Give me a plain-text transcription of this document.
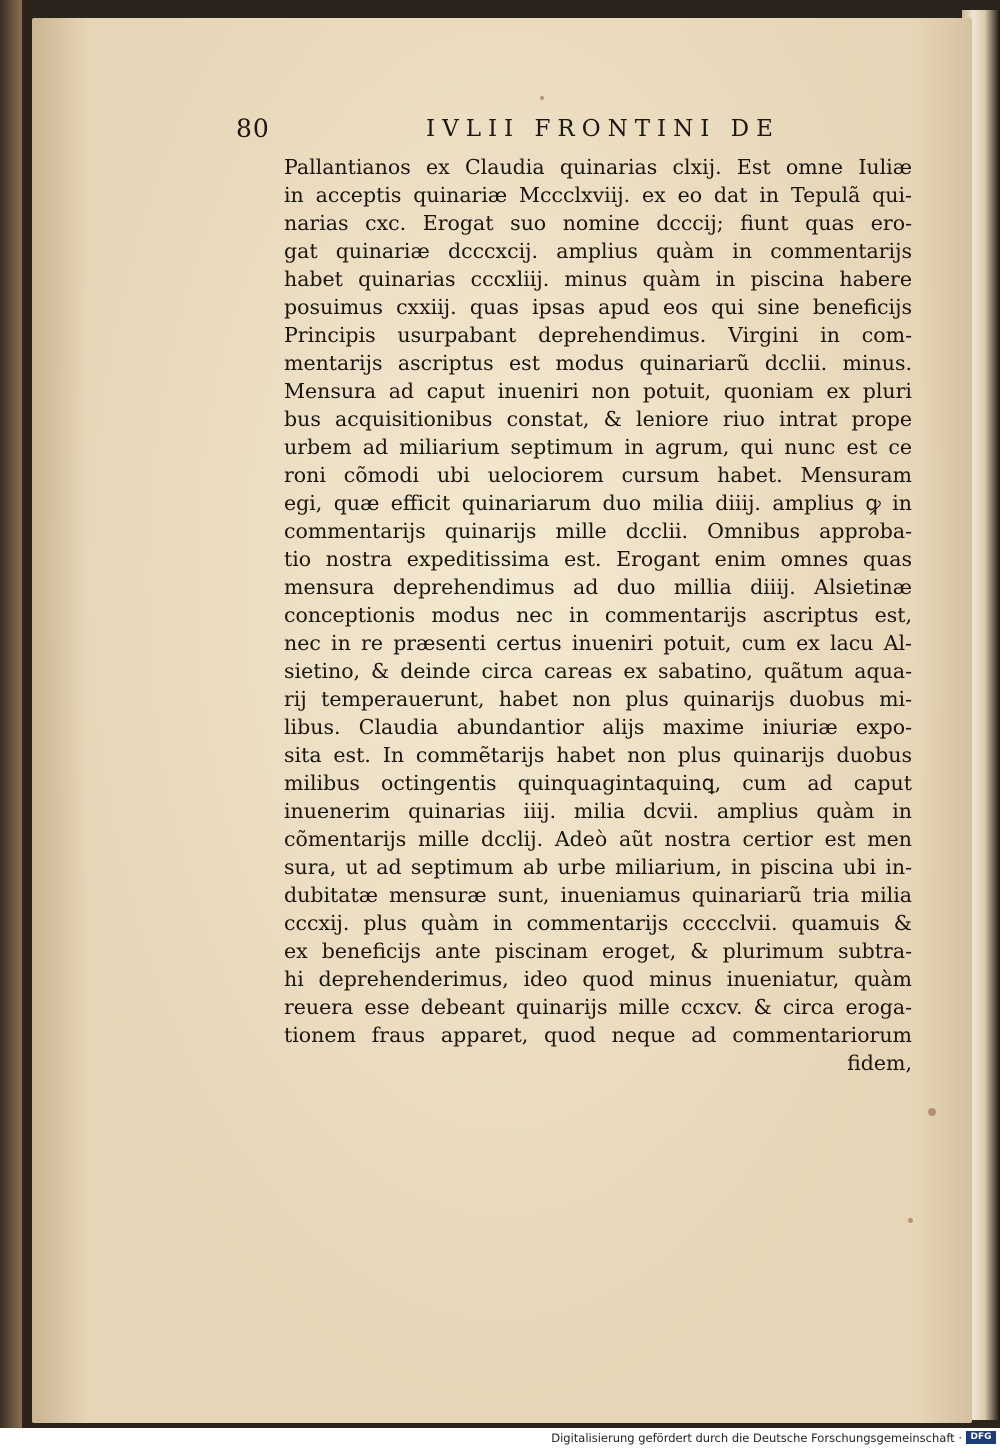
80	IVLII FRONTINI DE
Pallantianos ex Claudia quinarias clxij. Est omne Iuliæ
in acceptis quinariæ Mccclxviij. ex eo dat in Tepulã qui-
narias cxc. Erogat suo nomine dcccij; fiunt quas ero-
gat quinariæ dcccxcij. amplius quàm in commentarijs
habet quinarias cccxliij. minus quàm in piscina habere
posuimus cxxiij. quas ipsas apud eos qui sine beneficijs
Principis usurpabant deprehendimus. Virgini in com-
mentarijs ascriptus est modus quinariarũ dcclii. minus.
Mensura ad caput inueniri non potuit, quoniam ex pluri
bus acquisitionibus constat, & leniore riuo intrat prope
urbem ad miliarium septimum in agrum, qui nunc est ce
roni cõmodi ubi uelociorem cursum habet. Mensuram
egi, quæ efficit quinariarum duo milia diiij. amplius ꝙ in
commentarijs quinarijs mille dcclii. Omnibus approba-
tio nostra expeditissima est. Erogant enim omnes quas
mensura deprehendimus ad duo millia diiij. Alsietinæ
conceptionis modus nec in commentarijs ascriptus est,
nec in re præsenti certus inueniri potuit, cum ex lacu Al-
sietino, & deinde circa careas ex sabatino, quãtum aqua-
rij temperauerunt, habet non plus quinarijs duobus mi-
libus. Claudia abundantior alijs maxime iniuriæ expo-
sita est. In commẽtarijs habet non plus quinarijs duobus
milibus octingentis quinquagintaquinꝗ, cum ad caput
inuenerim quinarias iiij. milia dcvii. amplius quàm in
cõmentarijs mille dcclij. Adeò aũt nostra certior est men
sura, ut ad septimum ab urbe miliarium, in piscina ubi in-
dubitatæ mensuræ sunt, inueniamus quinariarũ tria milia
cccxij. plus quàm in commentarijs ccccclvii. quamuis &
ex beneficijs ante piscinam eroget, & plurimum subtra-
hi deprehenderimus, ideo quod minus inueniatur, quàm
reuera esse debeant quinarijs mille ccxcv. & circa eroga-
tionem fraus apparet, quod neque ad commentariorum
fidem,
Digitalisierung gefördert durch die Deutsche Forschungsgemeinschaft · DFG
